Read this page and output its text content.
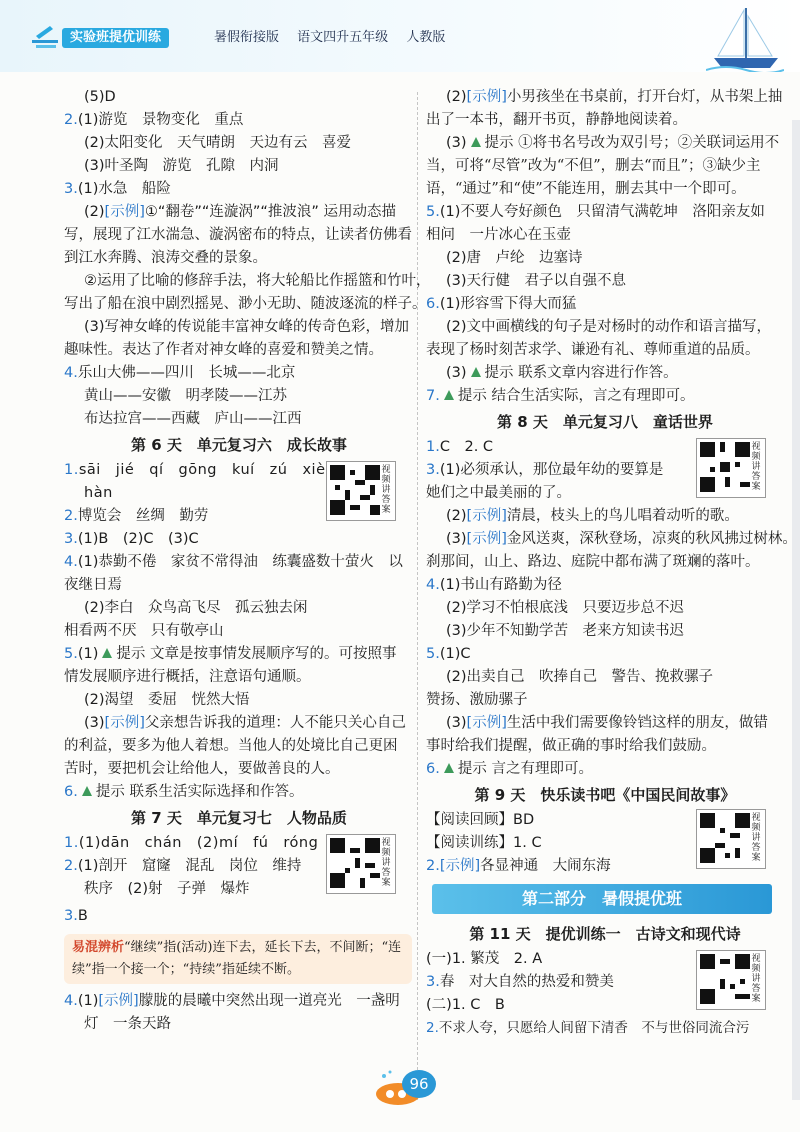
实验班提优训练	暑假衔接版 语文四升五年级 人教版
(5)D
2.(1)游览　景物变化　重点
(2)太阳变化　天气晴朗　天边有云　喜爱
(3)叶圣陶　游览　孔隙　内洞
3.(1)水急　船险
(2)[示例]①“翻卷”“连漩涡”“推波浪” 运用动态描
写，展现了江水湍急、漩涡密布的特点，让读者仿佛看
到江水奔腾、浪涛交叠的景象。
②运用了比喻的修辞手法，将大轮船比作摇篮和竹叶，
写出了船在浪中剧烈摇晃、渺小无助、随波逐流的样子。
(3)写神女峰的传说能丰富神女峰的传奇色彩，增加
趣味性。表达了作者对神女峰的喜爱和赞美之情。
4.乐山大佛——四川　长城——北京
黄山——安徽　明孝陵——江苏
布达拉宫——西藏　庐山——江西
第 6 天　单元复习六　成长故事
视频讲答案
1.sāi　jié　qí　gōng　kuí　zú　xiè
hàn
2.博览会　丝绸　勤劳
3.(1)B　(2)C　(3)C
4.(1)恭勤不倦　家贫不常得油　练囊盛数十萤火　以
夜继日焉
(2)李白　众鸟高飞尽　孤云独去闲
相看两不厌　只有敬亭山
5.(1) 提示 文章是按事情发展顺序写的。可按照事
情发展顺序进行概括，注意语句通顺。
(2)渴望　委屈　恍然大悟
(3)[示例]父亲想告诉我的道理：人不能只关心自己
的利益，要多为他人着想。当他人的处境比自己更困
苦时，要把机会让给他人，要做善良的人。
6. 提示 联系生活实际选择和作答。
第 7 天　单元复习七　人物品质
视频讲答案
1.(1)dān　chán　(2)mí　fú　róng
2.(1)剖开　窟窿　混乱　岗位　维持
秩序　(2)射　子弹　爆炸
3.B
易混辨析“继续”指(活动)连下去，延长下去，不间断；“连续”指一个接一个；“持续”指延续不断。
4.(1)[示例]朦胧的晨曦中突然出现一道亮光　一盏明
灯　一条天路
(2)[示例]小男孩坐在书桌前，打开台灯，从书架上抽
出了一本书，翻开书页，静静地阅读着。
(3) 提示 ①将书名号改为双引号；②关联词运用不
当，可将“尽管”改为“不但”，删去“而且”；③缺少主
语，“通过”和“使”不能连用，删去其中一个即可。
5.(1)不要人夸好颜色　只留清气满乾坤　洛阳亲友如
相问　一片冰心在玉壶
(2)唐　卢纶　边塞诗
(3)天行健　君子以自强不息
6.(1)形容雪下得大而猛
(2)文中画横线的句子是对杨时的动作和语言描写，
表现了杨时刻苦求学、谦逊有礼、尊师重道的品质。
(3) 提示 联系文章内容进行作答。
7. 提示 结合生活实际，言之有理即可。
第 8 天　单元复习八　童话世界
视频讲答案
1.C　2. C
3.(1)必须承认，那位最年幼的要算是
她们之中最美丽的了。
(2)[示例]清晨，枝头上的鸟儿唱着动听的歌。
(3)[示例]金风送爽，深秋登场，凉爽的秋风拂过树林。
刹那间，山上、路边、庭院中都布满了斑斓的落叶。
4.(1)书山有路勤为径
(2)学习不怕根底浅　只要迈步总不迟
(3)少年不知勤学苦　老来方知读书迟
5.(1)C
(2)出卖自己　吹捧自己　警告、挽救骡子
赞扬、激励骡子
(3)[示例]生活中我们需要像铃铛这样的朋友，做错
事时给我们提醒，做正确的事时给我们鼓励。
6. 提示 言之有理即可。
第 9 天　快乐读书吧《中国民间故事》
视频讲答案
【阅读回顾】BD
【阅读训练】1. C
2.[示例]各显神通　大闹东海
第二部分　暑假提优班
第 11 天　提优训练一　古诗文和现代诗
视频讲答案
(一)1. 繁茂　2. A
3.春　对大自然的热爱和赞美
(二)1. C　B
2.不求人夸，只愿给人间留下清香　不与世俗同流合污
96
